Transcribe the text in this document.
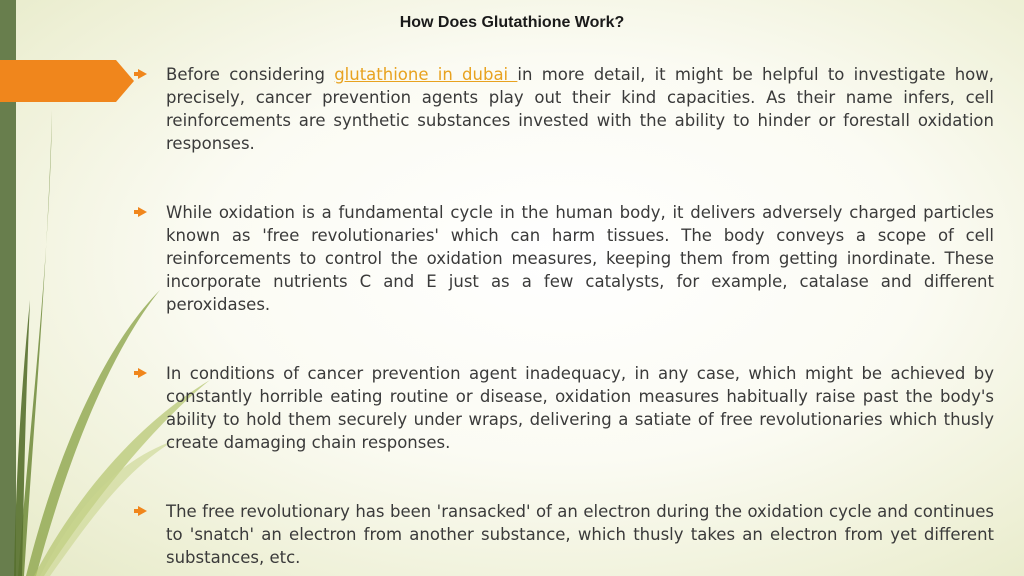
How Does Glutathione Work?
Before considering glutathione in dubai in more detail, it might be helpful to investigate how, precisely, cancer prevention agents play out their kind capacities. As their name infers, cell reinforcements are synthetic substances invested with the ability to hinder or forestall oxidation responses.
While oxidation is a fundamental cycle in the human body, it delivers adversely charged particles known as 'free revolutionaries' which can harm tissues. The body conveys a scope of cell reinforcements to control the oxidation measures, keeping them from getting inordinate. These incorporate nutrients C and E just as a few catalysts, for example, catalase and different peroxidases.
In conditions of cancer prevention agent inadequacy, in any case, which might be achieved by constantly horrible eating routine or disease, oxidation measures habitually raise past the body's ability to hold them securely under wraps, delivering a satiate of free revolutionaries which thusly create damaging chain responses.
The free revolutionary has been 'ransacked' of an electron during the oxidation cycle and continues to 'snatch' an electron from another substance, which thusly takes an electron from yet different substances, etc.
